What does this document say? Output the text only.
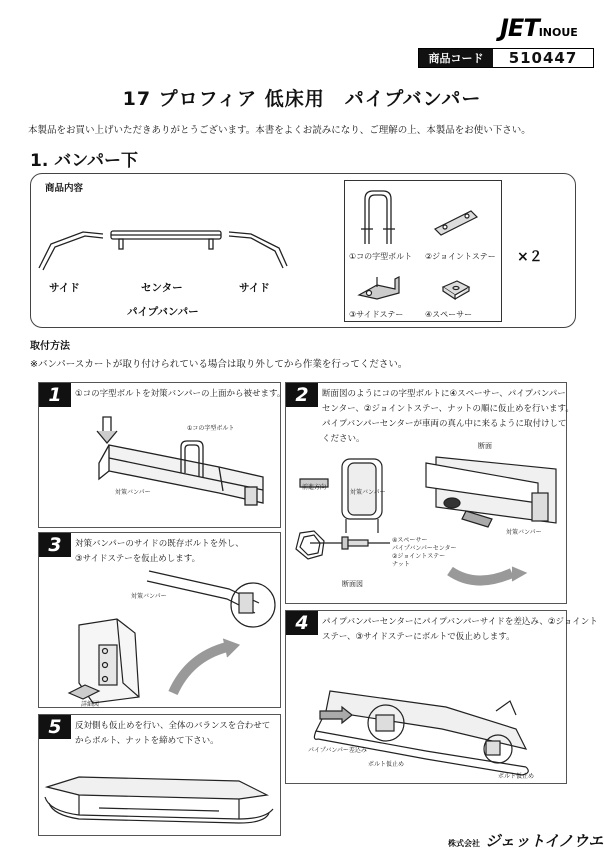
JETINOUE
商品コード	510447
17 プロフィア 低床用　パイプバンパー
本製品をお買い上げいただきありがとうございます。本書をよくお読みになり、ご理解の上、本製品をお使い下さい。
1. バンパー下
商品内容
サイド	センター	サイド
パイプバンパー
①コの字型ボルト ②ジョイントステー
③サイドステー	④スペーサー
×２
取付方法
※バンパースカートが取り付けられている場合は取り外してから作業を行ってください。
1	①コの字型ボルトを対策バンパーの上面から被せます。
①コの字型ボルト
対策バンパー
2	断面図のようにコの字型ボルトに④スペーサー、パイプバンパー
センター、②ジョイントステー、ナットの順に仮止めを行います。
パイプバンパーセンターが車両の真ん中に来るように取付けして
ください。
断面
前進方向
対策バンパー
対策バンパー
④スペーサー
パイプバンパーセンター
②ジョイントステー
ナット
断面図
3	対策バンパーのサイドの既存ボルトを外し、
③サイドステーを仮止めします。
対策バンパー
詳細図
4	パイプバンパーセンターにパイプバンパーサイドを差込み、②ジョイント
ステー、③サイドステーにボルトで仮止めします。
パイプバンパー差込み
ボルト仮止め
ボルト仮止め
5	反対側も仮止めを行い、全体のバランスを合わせて
からボルト、ナットを締めて下さい。
株式会社 ジェットイノウエ
